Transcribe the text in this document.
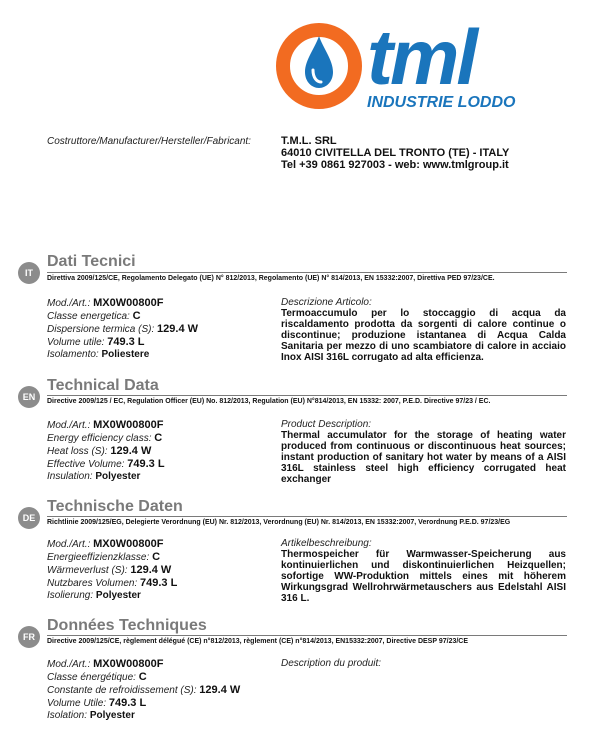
tml
INDUSTRIE LODDO
Costruttore/Manufacturer/Hersteller/Fabricant:	T.M.L. SRL
64010 CIVITELLA DEL TRONTO (TE) - ITALY
Tel +39 0861 927003 - web: www.tmlgroup.it
IT
Dati Tecnici
Direttiva 2009/125/CE, Regolamento Delegato (UE) N° 812/2013, Regolamento (UE) N° 814/2013, EN 15332:2007, Direttiva PED 97/23/CE.
Mod./Art.: MX0W00800F
Classe energetica: C
Dispersione termica (S): 129.4 W
Volume utile: 749.3 L
Isolamento: Poliestere
Descrizione Articolo:
Termoaccumulo per lo stoccaggio di acqua da riscaldamento prodotta da sorgenti di calore continue o discontinue; produzione istantanea di Acqua Calda Sanitaria per mezzo di uno scambiatore di calore in acciaio Inox AISI 316L corrugato ad alta efficienza.
EN
Technical Data
Directive 2009/125 / EC, Regulation Officer (EU) No. 812/2013, Regulation (EU) N°814/2013, EN 15332: 2007, P.E.D. Directive 97/23 / EC.
Mod./Art.: MX0W00800F
Energy efficiency class: C
Heat loss (S): 129.4 W
Effective Volume: 749.3 L
Insulation: Polyester
Product Description:
Thermal accumulator for the storage of heating water produced from continuous or discontinuous heat sources; instant production of sanitary hot water by means of a AISI 316L stainless steel high efficiency corrugated heat exchanger
DE
Technische Daten
Richtlinie 2009/125/EG, Delegierte Verordnung (EU) Nr. 812/2013, Verordnung (EU) Nr. 814/2013, EN 15332:2007, Verordnung P.E.D. 97/23/EG
Mod./Art.: MX0W00800F
Energieeffizienzklasse: C
Wärmeverlust (S): 129.4 W
Nutzbares Volumen: 749.3 L
Isolierung: Polyester
Artikelbeschreibung:
Thermospeicher für Warmwasser-Speicherung aus kontinuierlichen und diskontinuierlichen Heizquellen; sofortige WW-Produktion mittels eines mit höherem Wirkungsgrad Wellrohrwärmetauschers aus Edelstahl AISI 316 L.
FR
Données Techniques
Directive 2009/125/CE, règlement délégué (CE) n°812/2013, règlement (CE) n°814/2013, EN15332:2007, Directive DESP 97/23/CE
Mod./Art.: MX0W00800F
Classe énergétique: C
Constante de refroidissement (S): 129.4 W
Volume Utile: 749.3 L
Isolation: Polyester
Description du produit:
